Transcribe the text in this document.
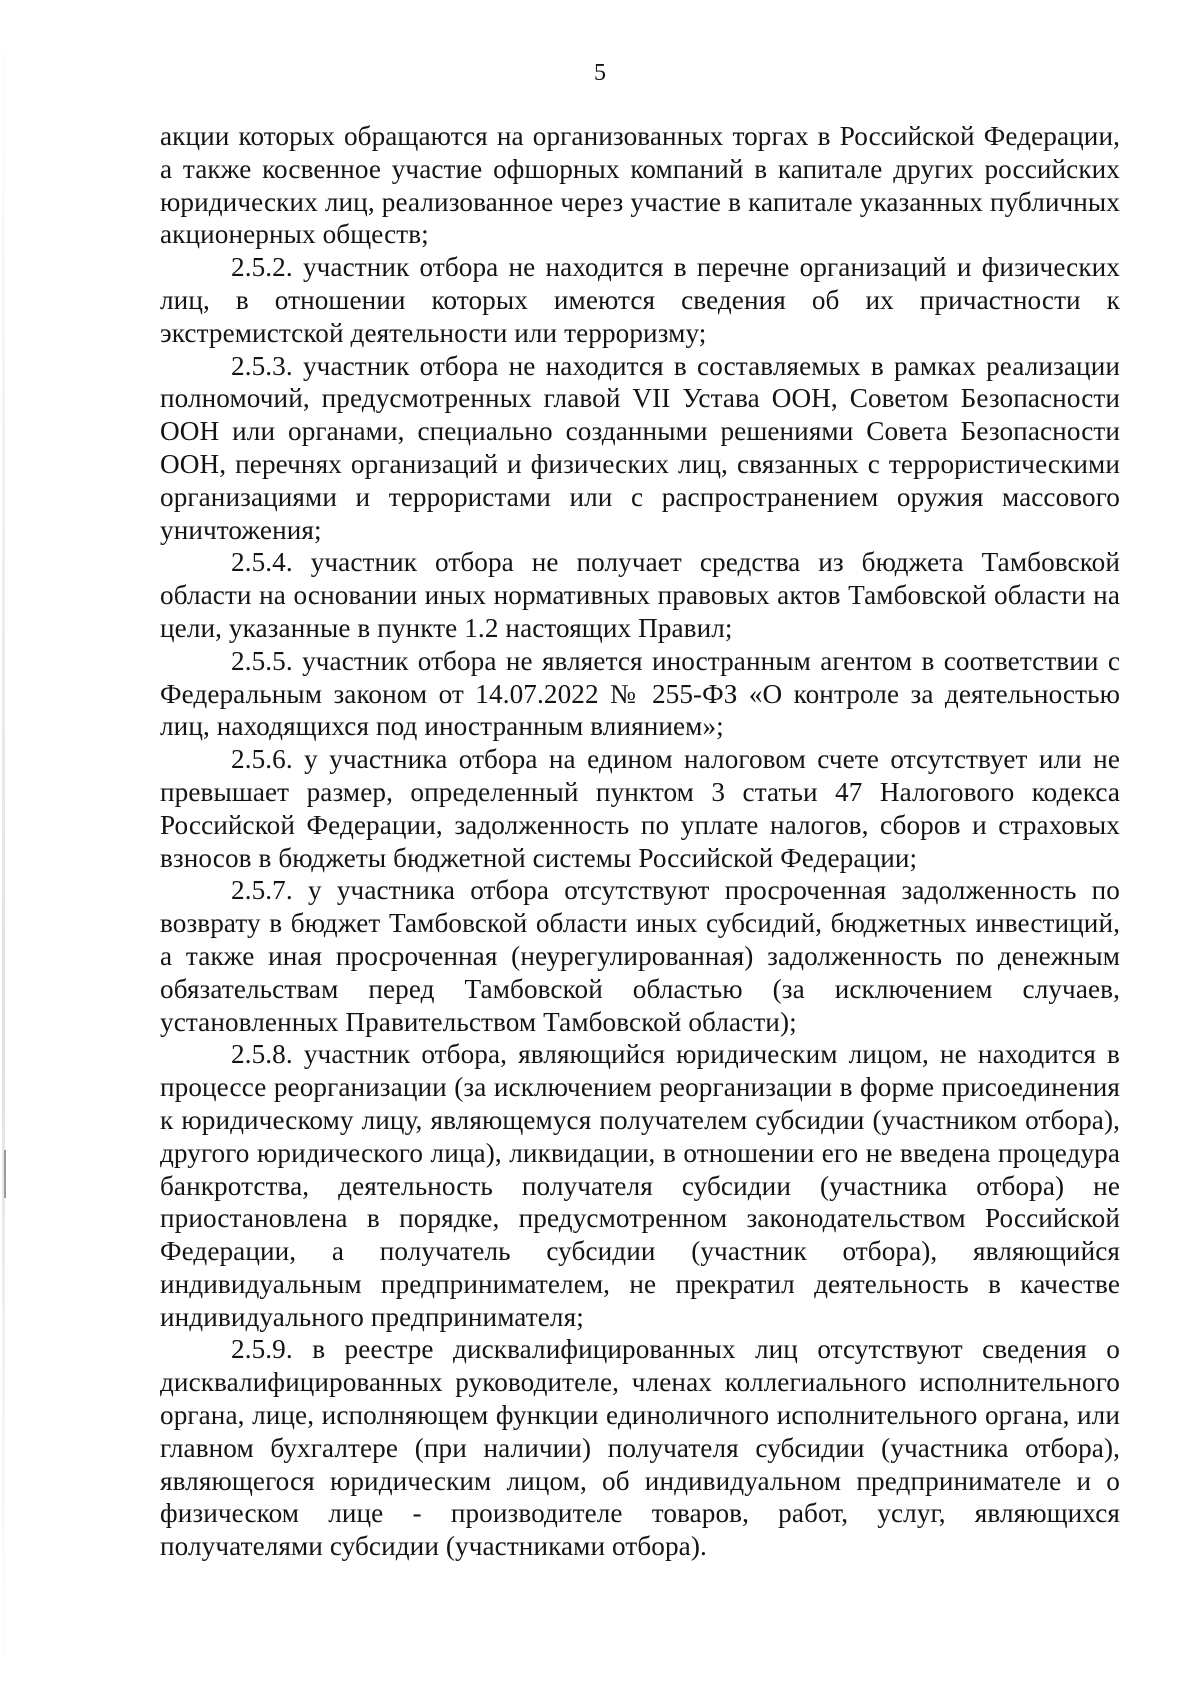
5

акции которых обращаются на организованных торгах в Российской Федерации, а также косвенное участие офшорных компаний в капитале других российских юридических лиц, реализованное через участие в капитале указанных публичных акционерных обществ;

2.5.2. участник отбора не находится в перечне организаций и физических лиц, в отношении которых имеются сведения об их причастности к экстремистской деятельности или терроризму;

2.5.3. участник отбора не находится в составляемых в рамках реализации полномочий, предусмотренных главой VII Устава ООН, Советом Безопасности ООН или органами, специально созданными решениями Совета Безопасности ООН, перечнях организаций и физических лиц, связанных с террористическими организациями и террористами или с распространением оружия массового уничтожения;

2.5.4. участник отбора не получает средства из бюджета Тамбовской области на основании иных нормативных правовых актов Тамбовской области на цели, указанные в пункте 1.2 настоящих Правил;

2.5.5. участник отбора не является иностранным агентом в соответствии с Федеральным законом от 14.07.2022 № 255-ФЗ «О контроле за деятельностью лиц, находящихся под иностранным влиянием»;

2.5.6. у участника отбора на едином налоговом счете отсутствует или не превышает размер, определенный пунктом 3 статьи 47 Налогового кодекса Российской Федерации, задолженность по уплате налогов, сборов и страховых взносов в бюджеты бюджетной системы Российской Федерации;

2.5.7. у участника отбора отсутствуют просроченная задолженность по возврату в бюджет Тамбовской области иных субсидий, бюджетных инвестиций, а также иная просроченная (неурегулированная) задолженность по денежным обязательствам перед Тамбовской областью (за исключением случаев, установленных Правительством Тамбовской области);

2.5.8. участник отбора, являющийся юридическим лицом, не находится в процессе реорганизации (за исключением реорганизации в форме присоединения к юридическому лицу, являющемуся получателем субсидии (участником отбора), другого юридического лица), ликвидации, в отношении его не введена процедура банкротства, деятельность получателя субсидии (участника отбора) не приостановлена в порядке, предусмотренном законодательством Российской Федерации, а получатель субсидии (участник отбора), являющийся индивидуальным предпринимателем, не прекратил деятельность в качестве индивидуального предпринимателя;

2.5.9. в реестре дисквалифицированных лиц отсутствуют сведения о дисквалифицированных руководителе, членах коллегиального исполнительного органа, лице, исполняющем функции единоличного исполнительного органа, или главном бухгалтере (при наличии) получателя субсидии (участника отбора), являющегося юридическим лицом, об индивидуальном предпринимателе и о физическом лице - производителе товаров, работ, услуг, являющихся получателями субсидии (участниками отбора).
